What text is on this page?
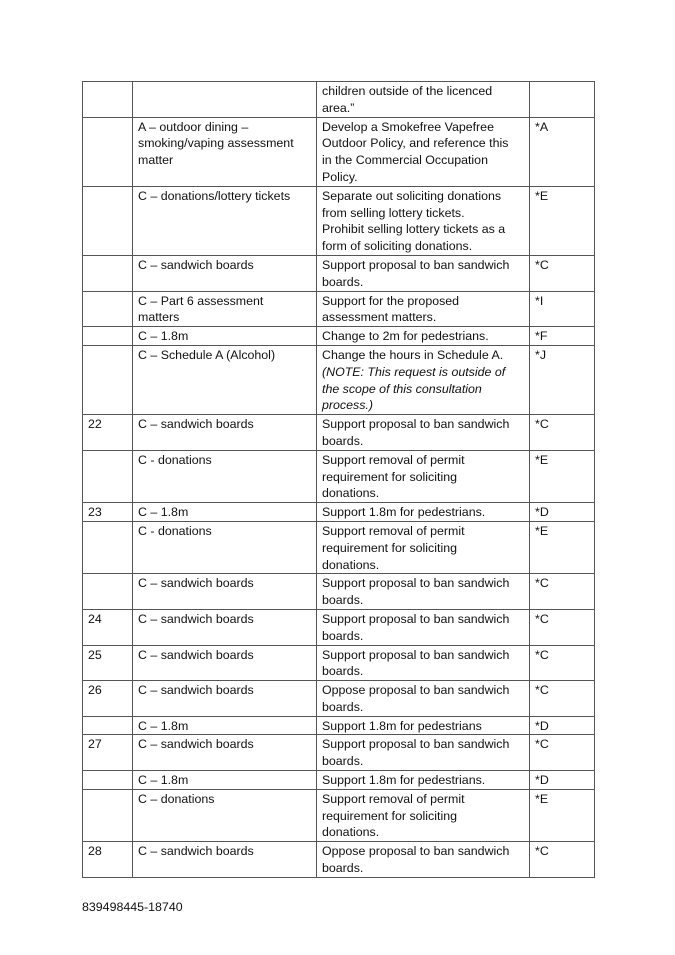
		children outside of the licenced
area.”	
	A – outdoor dining –
smoking/vaping assessment
matter	Develop a Smokefree Vapefree
Outdoor Policy, and reference this
in the Commercial Occupation
Policy.	*A
	C – donations/lottery tickets	Separate out soliciting donations
from selling lottery tickets.
Prohibit selling lottery tickets as a
form of soliciting donations.	*E
	C – sandwich boards	Support proposal to ban sandwich
boards.	*C
	C – Part 6 assessment
matters	Support for the proposed
assessment matters.	*I
	C – 1.8m	Change to 2m for pedestrians.	*F
	C – Schedule A (Alcohol)	Change the hours in Schedule A.
(NOTE: This request is outside of
the scope of this consultation
process.)	*J
22	C – sandwich boards	Support proposal to ban sandwich
boards.	*C
	C - donations	Support removal of permit
requirement for soliciting
donations.	*E
23	C – 1.8m	Support 1.8m for pedestrians.	*D
	C - donations	Support removal of permit
requirement for soliciting
donations.	*E
	C – sandwich boards	Support proposal to ban sandwich
boards.	*C
24	C – sandwich boards	Support proposal to ban sandwich
boards.	*C
25	C – sandwich boards	Support proposal to ban sandwich
boards.	*C
26	C – sandwich boards	Oppose proposal to ban sandwich
boards.	*C
	C – 1.8m	Support 1.8m for pedestrians	*D
27	C – sandwich boards	Support proposal to ban sandwich
boards.	*C
	C – 1.8m	Support 1.8m for pedestrians.	*D
	C – donations	Support removal of permit
requirement for soliciting
donations.	*E
28	C – sandwich boards	Oppose proposal to ban sandwich
boards.	*C
839498445-18740
